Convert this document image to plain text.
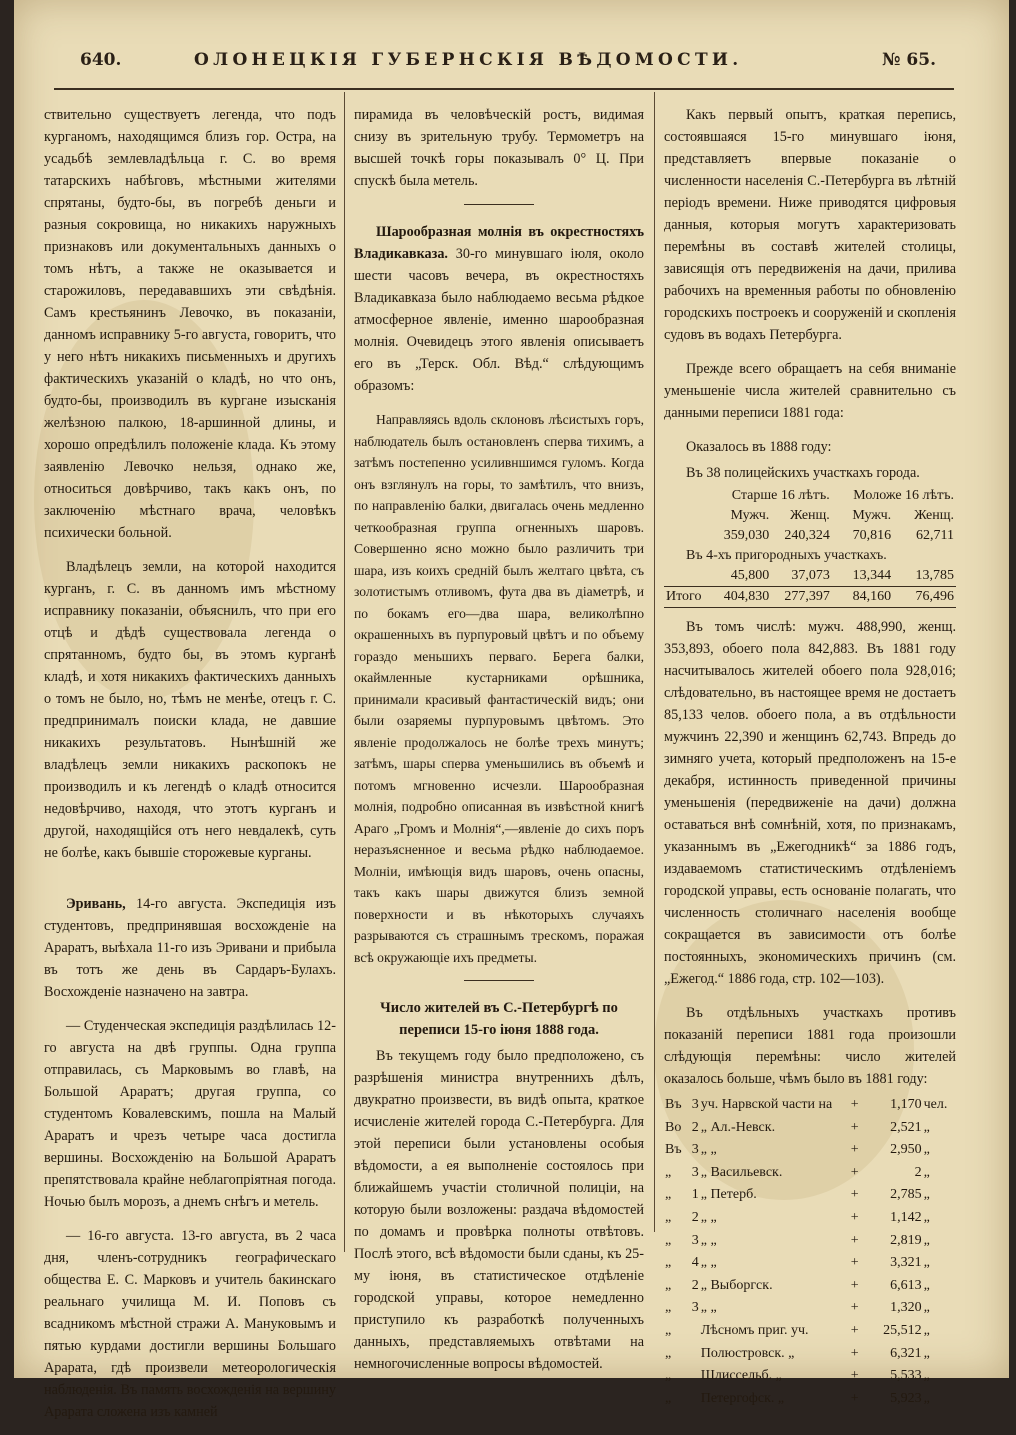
640.	ОЛОНЕЦКІЯ ГУБЕРНСКІЯ ВѢДОМОСТИ.	№ 65.

ствительно существуетъ легенда, что подъ курганомъ, находящимся близъ гор. Остра, на усадьбѣ землевладѣльца г. С. во время татарскихъ набѣговъ, мѣстными жителями спрятаны, будто-бы, въ погребѣ деньги и разныя сокровища, но никакихъ наружныхъ признаковъ или документальныхъ данныхъ о томъ нѣтъ, а также не оказывается и старожиловъ, передававшихъ эти свѣдѣнія. Самъ крестьянинъ Левочко, въ показаніи, данномъ исправнику 5-го августа, говоритъ, что у него нѣтъ никакихъ письменныхъ и другихъ фактическихъ указаній о кладѣ, но что онъ, будто-бы, производилъ въ кургане изысканія желѣзною палкою, 18-аршинной длины, и хорошо опредѣлилъ положеніе клада. Къ этому заявленію Левочко нельзя, однако же, относиться довѣрчиво, такъ какъ онъ, по заключенію мѣстнаго врача, человѣкъ психически больной.

Владѣлецъ земли, на которой находится курганъ, г. С. въ данномъ имъ мѣстному исправнику показаніи, объяснилъ, что при его отцѣ и дѣдѣ существовала легенда о спрятанномъ, будто бы, въ этомъ курганѣ кладѣ, и хотя никакихъ фактическихъ данныхъ о томъ не было, но, тѣмъ не менѣе, отецъ г. С. предпринималъ поиски клада, не давшие никакихъ результатовъ. Нынѣшній же владѣлецъ земли никакихъ раскопокъ не производилъ и къ легендѣ о кладѣ относится недовѣрчиво, находя, что этотъ курганъ и другой, находящійся отъ него невдалекѣ, суть не болѣе, какъ бывшіе сторожевые курганы.

Эривань, 14-го августа. Экспедиція изъ студентовъ, предпринявшая восхожденіе на Араратъ, выѣхала 11-го изъ Эривани и прибыла въ тотъ же день въ Сардаръ-Булахъ. Восхожденіе назначено на завтра.

— Студенческая экспедиція раздѣлилась 12-го августа на двѣ группы. Одна группа отправилась, съ Марковымъ во главѣ, на Большой Араратъ; другая группа, со студентомъ Ковалевскимъ, пошла на Малый Араратъ и чрезъ четыре часа достигла вершины. Восхожденію на Большой Араратъ препятствовала крайне неблагопріятная погода. Ночью былъ морозъ, а днемъ снѣгъ и метель.

— 16-го августа. 13-го августа, въ 2 часа дня, членъ-сотрудникъ географическаго общества Е. С. Марковъ и учитель бакинскаго реальнаго училища М. И. Поповъ съ всадникомъ мѣстной стражи А. Мануковымъ и пятью курдами достигли вершины Большаго Арарата, гдѣ произвели метеорологическія наблюденія. Въ память восхожденія на вершину Арарата сложена изъ камней

пирамида въ человѣческій ростъ, видимая снизу въ зрительную трубу. Термометръ на высшей точкѣ горы показывалъ 0° Ц. При спускѣ была метель.

Шарообразная молнія въ окрестностяхъ Владикавказа. 30-го минувшаго іюля, около шести часовъ вечера, въ окрестностяхъ Владикавказа было наблюдаемо весьма рѣдкое атмосферное явленіе, именно шарообразная молнія. Очевидецъ этого явленія описываетъ его въ „Терск. Обл. Вѣд.“ слѣдующимъ образомъ:

Направляясь вдоль склоновъ лѣсистыхъ горъ, наблюдатель былъ остановленъ сперва тихимъ, а затѣмъ постепенно усиливншимся гуломъ. Когда онъ взглянулъ на горы, то замѣтилъ, что внизъ, по направленію балки, двигалась очень медленно четкообразная группа огненныхъ шаровъ. Совершенно ясно можно было различить три шара, изъ коихъ средній былъ желтаго цвѣта, съ золотистымъ отливомъ, фута два въ діаметрѣ, и по бокамъ его—два шара, великолѣпно окрашенныхъ въ пурпуровый цвѣтъ и по объему гораздо меньшихъ перваго. Берега балки, окаймленные кустарниками орѣшника, принимали красивый фантастическій видъ; они были озаряемы пурпуровымъ цвѣтомъ. Это явленіе продолжалось не болѣе трехъ минутъ; затѣмъ, шары сперва уменьшились въ объемѣ и потомъ мгновенно исчезли. Шарообразная молнія, подробно описанная въ извѣстной книгѣ Араго „Громъ и Молнія“,—явленіе до сихъ поръ неразъясненное и весьма рѣдко наблюдаемое. Молніи, имѣющія видъ шаровъ, очень опасны, такъ какъ шары движутся близъ земной поверхности и въ нѣкоторыхъ случаяхъ разрываются съ страшнымъ трескомъ, поражая всѣ окружающіе ихъ предметы.

Число жителей въ С.-Петербургѣ по переписи 15-го іюня 1888 года.

Въ текущемъ году было предположено, съ разрѣшенія министра внутреннихъ дѣлъ, двукратно произвести, въ видѣ опыта, краткое исчисленіе жителей города С.-Петербурга. Для этой переписи были установлены особыя вѣдомости, а ея выполненіе состоялось при ближайшемъ участіи столичной полиціи, на которую были возложены: раздача вѣдомостей по домамъ и провѣрка полноты отвѣтовъ. Послѣ этого, всѣ вѣдомости были сданы, къ 25-му іюня, въ статистическое отдѣленіе городской управы, которое немедленно приступило къ разработкѣ полученныхъ данныхъ, представляемыхъ отвѣтами на немногочисленные вопросы вѣдомостей.

Какъ первый опытъ, краткая перепись, состоявшаяся 15-го минувшаго іюня, представляетъ впервые показаніе о численности населенія С.-Петербурга въ лѣтній періодъ времени. Ниже приводятся цифровыя данныя, которыя могутъ характеризовать перемѣны въ составѣ жителей столицы, зависящія отъ передвиженія на дачи, прилива рабочихъ на временныя работы по обновленію городскихъ построекъ и сооруженій и скопленія судовъ въ водахъ Петербурга.

Прежде всего обращаетъ на себя вниманіе уменьшеніе числа жителей сравнительно съ данными переписи 1881 года:

Оказалось въ 1888 году:

Въ 38 полицейскихъ участкахъ города.

	Старше 16 лѣтъ.		Моложе 16 лѣтъ.	
	Мужч.	Женщ.	Мужч.	Женщ.
	359,030	240,324	70,816	62,711
Въ 4-хъ пригородныхъ участкахъ.				
	45,800	37,073	13,344	13,785
Итого	404,830	277,397	84,160	76,496

Въ томъ числѣ: мужч. 488,990, женщ. 353,893, обоего пола 842,883. Въ 1881 году насчитывалось жителей обоего пола 928,016; слѣдовательно, въ настоящее время не достаетъ 85,133 челов. обоего пола, а въ отдѣльности мужчинъ 22,390 и женщинъ 62,743. Впредь до зимняго учета, который предположенъ на 15-е декабря, истинность приведенной причины уменьшенія (передвиженіе на дачи) должна оставаться внѣ сомнѣній, хотя, по признакамъ, указаннымъ въ „Ежегодникѣ“ за 1886 годъ, издаваемомъ статистическимъ отдѣленіемъ городской управы, есть основаніе полагать, что численность столичнаго населенія вообще сокращается въ зависимости отъ болѣе постоянныхъ, экономическихъ причинъ (см. „Ежегод.“ 1886 года, стр. 102—103).

Въ отдѣльныхъ участкахъ противъ показаній переписи 1881 года произошли слѣдующія перемѣны: число жителей оказалось больше, чѣмъ было въ 1881 году:

Въ	3	уч. Нарвской части на	+	1,170	чел.
Во	2	„ Ал.-Невск.	+	2,521	„
Въ	3	„ „	+	2,950	„
„	3	„ Васильевск.	+	2	„
„	1	„ Петерб.	+	2,785	„
„	2	„ „	+	1,142	„
„	3	„ „	+	2,819	„
„	4	„ „	+	3,321	„
„	2	„ Выборгск.	+	6,613	„
„	3	„ „	+	1,320	„
„		Лѣсномъ приг. уч.	+	25,512	„
„		Полюстровск. „	+	6,321	„
„		Шлиссельб. „	+	5,533	„
„		Петергофск. „	+	5,923	„
